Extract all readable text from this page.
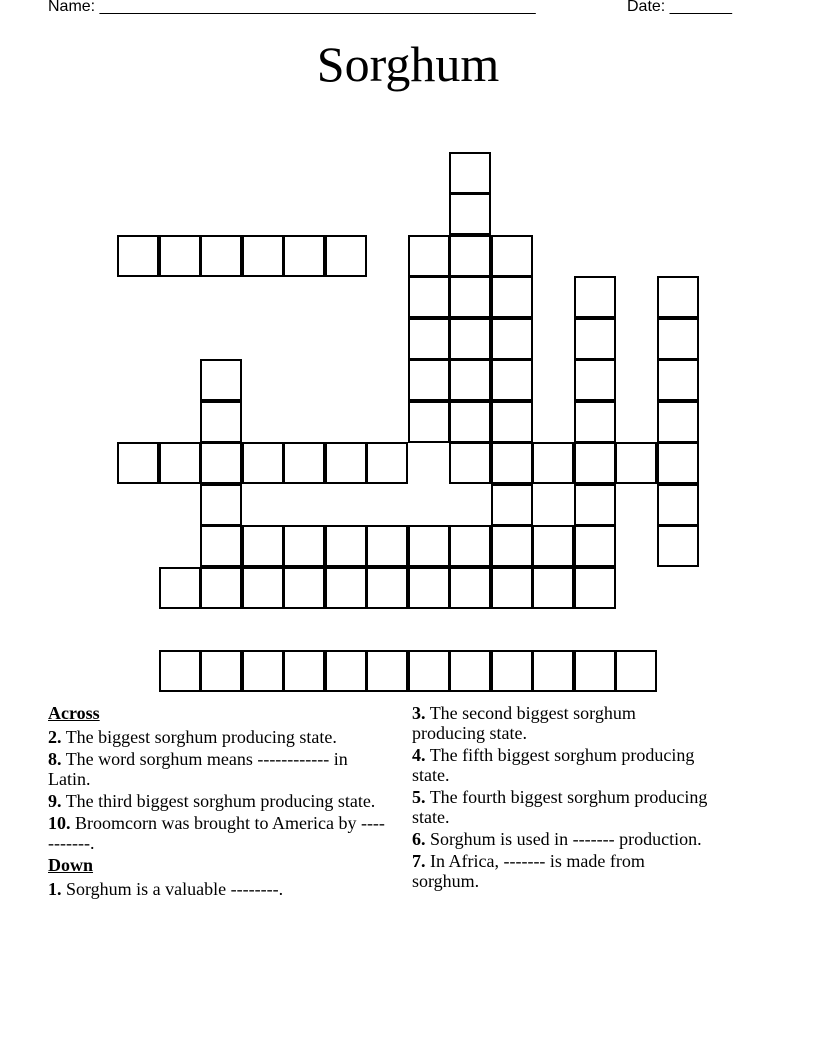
Name: _________________________________________________	Date: _______
Sorghum
Across
2. The biggest sorghum producing state.
8. The word sorghum means ------------ in Latin.
9. The third biggest sorghum producing state.
10. Broomcorn was brought to America by -----------.
Down
1. Sorghum is a valuable --------.
3. The second biggest sorghum producing state.
4. The fifth biggest sorghum producing state.
5. The fourth biggest sorghum producing state.
6. Sorghum is used in ------- production.
7. In Africa, ------- is made from sorghum.
